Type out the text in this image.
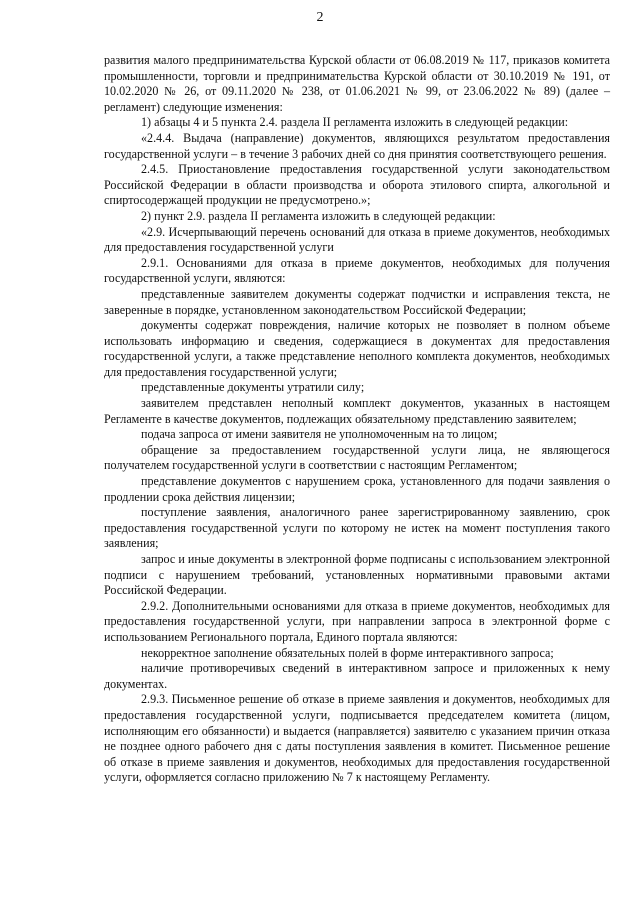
2

развития малого предпринимательства Курской области от 06.08.2019 № 117, приказов комитета промышленности, торговли и предпринимательства Курской области от 30.10.2019 № 191, от 10.02.2020 № 26, от 09.11.2020 № 238, от 01.06.2021 № 99, от 23.06.2022 № 89) (далее – регламент) следующие изменения:

1) абзацы 4 и 5 пункта 2.4. раздела II регламента изложить в следующей редакции:

«2.4.4. Выдача (направление) документов, являющихся результатом предоставления государственной услуги – в течение 3 рабочих дней со дня принятия соответствующего решения.

2.4.5. Приостановление предоставления государственной услуги законодательством Российской Федерации в области производства и оборота этилового спирта, алкогольной и спиртосодержащей продукции не предусмотрено.»;

2) пункт 2.9. раздела II регламента изложить в следующей редакции:

«2.9. Исчерпывающий перечень оснований для отказа в приеме документов, необходимых для предоставления государственной услуги

2.9.1. Основаниями для отказа в приеме документов, необходимых для получения государственной услуги, являются:

представленные заявителем документы содержат подчистки и исправления текста, не заверенные в порядке, установленном законодательством Российской Федерации;

документы содержат повреждения, наличие которых не позволяет в полном объеме использовать информацию и сведения, содержащиеся в документах для предоставления государственной услуги, а также представление неполного комплекта документов, необходимых для предоставления государственной услуги;

представленные документы утратили силу;

заявителем представлен неполный комплект документов, указанных в настоящем Регламенте в качестве документов, подлежащих обязательному представлению заявителем;

подача запроса от имени заявителя не уполномоченным на то лицом;

обращение за предоставлением государственной услуги лица, не являющегося получателем государственной услуги в соответствии с настоящим Регламентом;

представление документов с нарушением срока, установленного для подачи заявления о продлении срока действия лицензии;

поступление заявления, аналогичного ранее зарегистрированному заявлению, срок предоставления государственной услуги по которому не истек на момент поступления такого заявления;

запрос и иные документы в электронной форме подписаны с использованием электронной подписи с нарушением требований, установленных нормативными правовыми актами Российской Федерации.

2.9.2. Дополнительными основаниями для отказа в приеме документов, необходимых для предоставления государственной услуги, при направлении запроса в электронной форме с использованием Регионального портала, Единого портала являются:

некорректное заполнение обязательных полей в форме интерактивного запроса;

наличие противоречивых сведений в интерактивном запросе и приложенных к нему документах.

2.9.3. Письменное решение об отказе в приеме заявления и документов, необходимых для предоставления государственной услуги, подписывается председателем комитета (лицом, исполняющим его обязанности) и выдается (направляется) заявителю с указанием причин отказа не позднее одного рабочего дня с даты поступления заявления в комитет. Письменное решение об отказе в приеме заявления и документов, необходимых для предоставления государственной услуги, оформляется согласно приложению № 7 к настоящему Регламенту.
